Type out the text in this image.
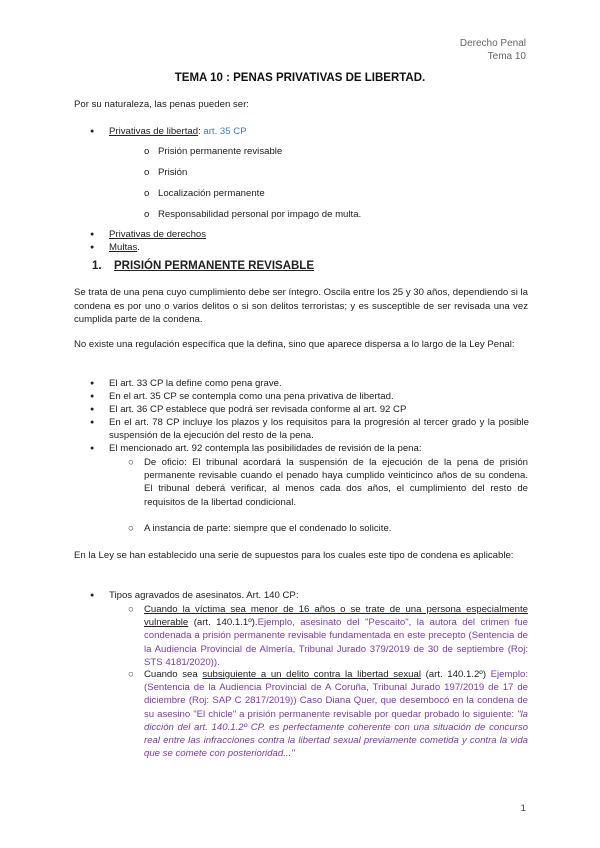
Derecho Penal
Tema 10
TEMA 10 : PENAS PRIVATIVAS DE LIBERTAD.
Por su naturaleza, las penas pueden ser:
Privativas de libertad: art. 35 CP
o Prisión permanente revisable
o Prisión
o Localización permanente
o Responsabilidad personal por impago de multa.
Privativas de derechos
Multas.
1. PRISIÓN PERMANENTE REVISABLE
Se trata de una pena cuyo cumplimiento debe ser íntegro. Oscila entre los 25 y 30 años, dependiendo si la condena es por uno o varios delitos o si son delitos terroristas; y es susceptible de ser revisada una vez cumplida parte de la condena.
No existe una regulación específica que la defina, sino que aparece dispersa a lo largo de la Ley Penal:
● El art. 33 CP la define como pena grave.
● En el art. 35 CP se contempla como una pena privativa de libertad.
● El art. 36 CP establece que podrá ser revisada conforme al art. 92 CP
● En el art. 78 CP incluye los plazos y los requisitos para la progresión al tercer grado y la posible suspensión de la ejecución del resto de la pena.
● El mencionado art. 92 contempla las posibilidades de revisión de la pena:
○ De oficio: El tribunal acordará la suspensión de la ejecución de la pena de prisión permanente revisable cuando el penado haya cumplido veinticinco años de su condena. El tribunal deberá verificar, al menos cada dos años, el cumplimiento del resto de requisitos de la libertad condicional.
○ A instancia de parte: siempre que el condenado lo solicite.
En la Ley se han establecido una serie de supuestos para los cuales este tipo de condena es aplicable:
● Tipos agravados de asesinatos. Art. 140 CP:
○ Cuando la víctima sea menor de 16 años o se trate de una persona especialmente vulnerable (art. 140.1.1º).Ejemplo, asesinato del "Pescaito", la autora del crimen fue condenada a prisión permanente revisable fundamentada en este precepto (Sentencia de la Audiencia Provincial de Almería, Tribunal Jurado 379/2019 de 30 de septiembre (Roj: STS 4181/2020)).
○ Cuando sea subsiguiente a un delito contra la libertad sexual (art. 140.1.2º) Ejemplo: (Sentencia de la Audiencia Provincial de A Coruña, Tribunal Jurado 197/2019 de 17 de diciembre (Roj: SAP C 2817/2019)) Caso Diana Quer, que desembocó en la condena de su asesino "El chicle" a prisión permanente revisable por quedar probado lo siguiente: "la dicción del art. 140.1.2º CP. es perfectamente coherente con una situación de concurso real entre las infracciones contra la libertad sexual previamente cometida y contra la vida que se comete con posterioridad..."
1
